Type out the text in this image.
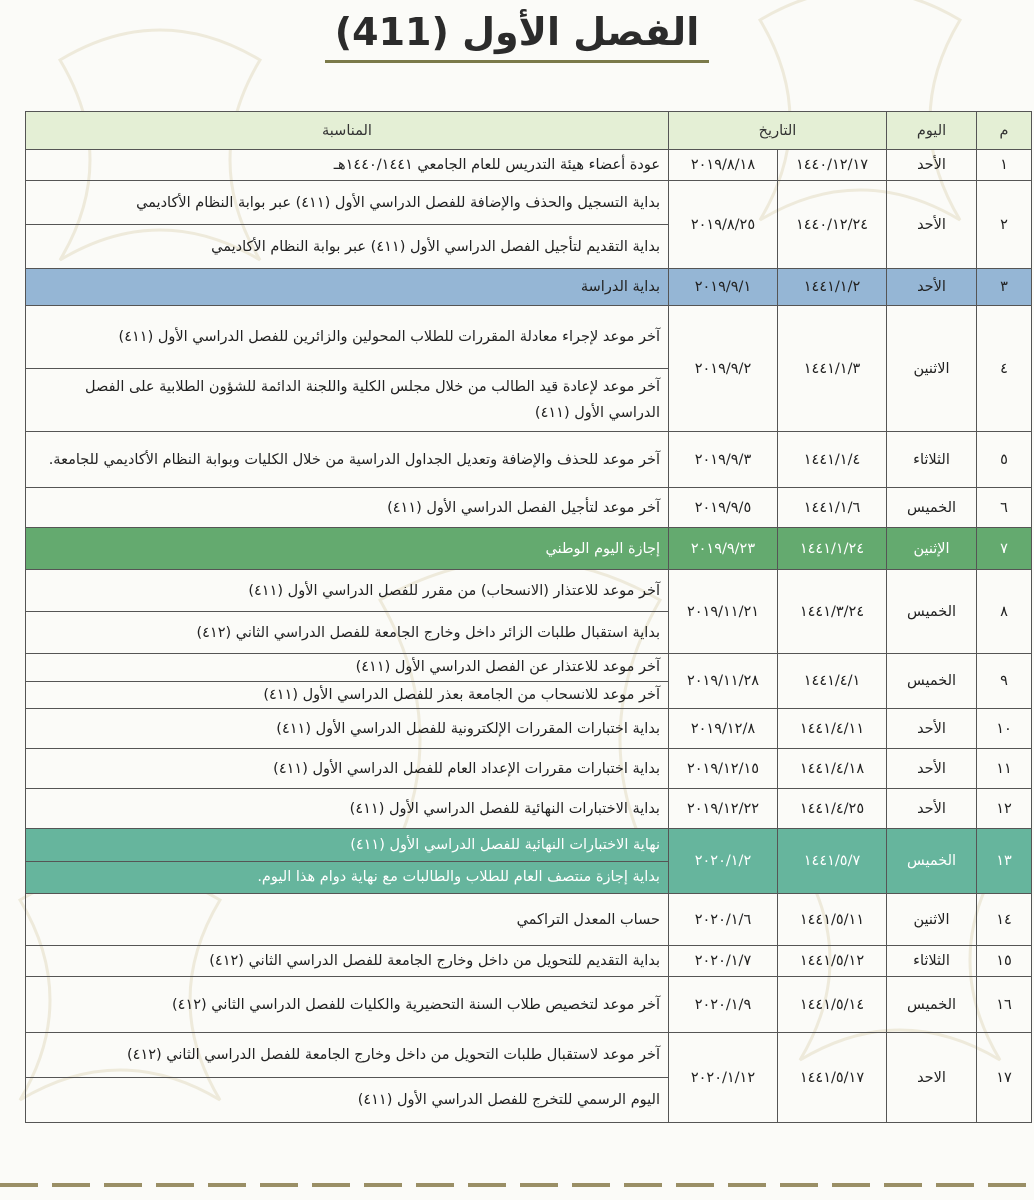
الفصل الأول (411)
م	اليوم	التاريخ		المناسبة
١	الأحد	١٤٤٠/١٢/١٧	٢٠١٩/٨/١٨	عودة أعضاء هيئة التدريس للعام الجامعي ١٤٤٠/١٤٤١هـ
٢	الأحد	١٤٤٠/١٢/٢٤	٢٠١٩/٨/٢٥	بداية التسجيل والحذف والإضافة للفصل الدراسي الأول (٤١١) عبر بوابة النظام الأكاديمي
				بداية التقديم لتأجيل الفصل الدراسي الأول (٤١١) عبر بوابة النظام الأكاديمي
٣	الأحد	١٤٤١/١/٢	٢٠١٩/٩/١	بداية الدراسة
٤	الاثنين	١٤٤١/١/٣	٢٠١٩/٩/٢	آخر موعد لإجراء معادلة المقررات للطلاب المحولين والزائرين للفصل الدراسي الأول (٤١١)
				آخر موعد لإعادة قيد الطالب من خلال مجلس الكلية واللجنة الدائمة للشؤون الطلابية على الفصل الدراسي الأول (٤١١)
٥	الثلاثاء	١٤٤١/١/٤	٢٠١٩/٩/٣	آخر موعد للحذف والإضافة وتعديل الجداول الدراسية من خلال الكليات وبوابة النظام الأكاديمي للجامعة.
٦	الخميس	١٤٤١/١/٦	٢٠١٩/٩/٥	آخر موعد لتأجيل الفصل الدراسي الأول (٤١١)
٧	الإثنين	١٤٤١/١/٢٤	٢٠١٩/٩/٢٣	إجازة اليوم الوطني
٨	الخميس	١٤٤١/٣/٢٤	٢٠١٩/١١/٢١	آخر موعد للاعتذار (الانسحاب) من مقرر للفصل الدراسي الأول (٤١١)
				بداية استقبال طلبات الزائر داخل وخارج الجامعة للفصل الدراسي الثاني (٤١٢)
٩	الخميس	١٤٤١/٤/١	٢٠١٩/١١/٢٨	آخر موعد للاعتذار عن الفصل الدراسي الأول (٤١١)
				آخر موعد للانسحاب من الجامعة بعذر للفصل الدراسي الأول (٤١١)
١٠	الأحد	١٤٤١/٤/١١	٢٠١٩/١٢/٨	بداية اختبارات المقررات الإلكترونية للفصل الدراسي الأول (٤١١)
١١	الأحد	١٤٤١/٤/١٨	٢٠١٩/١٢/١٥	بداية اختبارات مقررات الإعداد العام للفصل الدراسي الأول (٤١١)
١٢	الأحد	١٤٤١/٤/٢٥	٢٠١٩/١٢/٢٢	بداية الاختبارات النهائية للفصل الدراسي الأول (٤١١)
١٣	الخميس	١٤٤١/٥/٧	٢٠٢٠/١/٢	نهاية الاختبارات النهائية للفصل الدراسي الأول (٤١١)
				بداية إجازة منتصف العام للطلاب والطالبات مع نهاية دوام هذا اليوم.
١٤	الاثنين	١٤٤١/٥/١١	٢٠٢٠/١/٦	حساب المعدل التراكمي
١٥	الثلاثاء	١٤٤١/٥/١٢	٢٠٢٠/١/٧	بداية التقديم للتحويل من داخل وخارج الجامعة للفصل الدراسي الثاني (٤١٢)
١٦	الخميس	١٤٤١/٥/١٤	٢٠٢٠/١/٩	آخر موعد لتخصيص طلاب السنة التحضيرية والكليات للفصل الدراسي الثاني (٤١٢)
١٧	الاحد	١٤٤١/٥/١٧	٢٠٢٠/١/١٢	آخر موعد لاستقبال طلبات التحويل من داخل وخارج الجامعة للفصل الدراسي الثاني (٤١٢)
				اليوم الرسمي للتخرج للفصل الدراسي الأول (٤١١)
